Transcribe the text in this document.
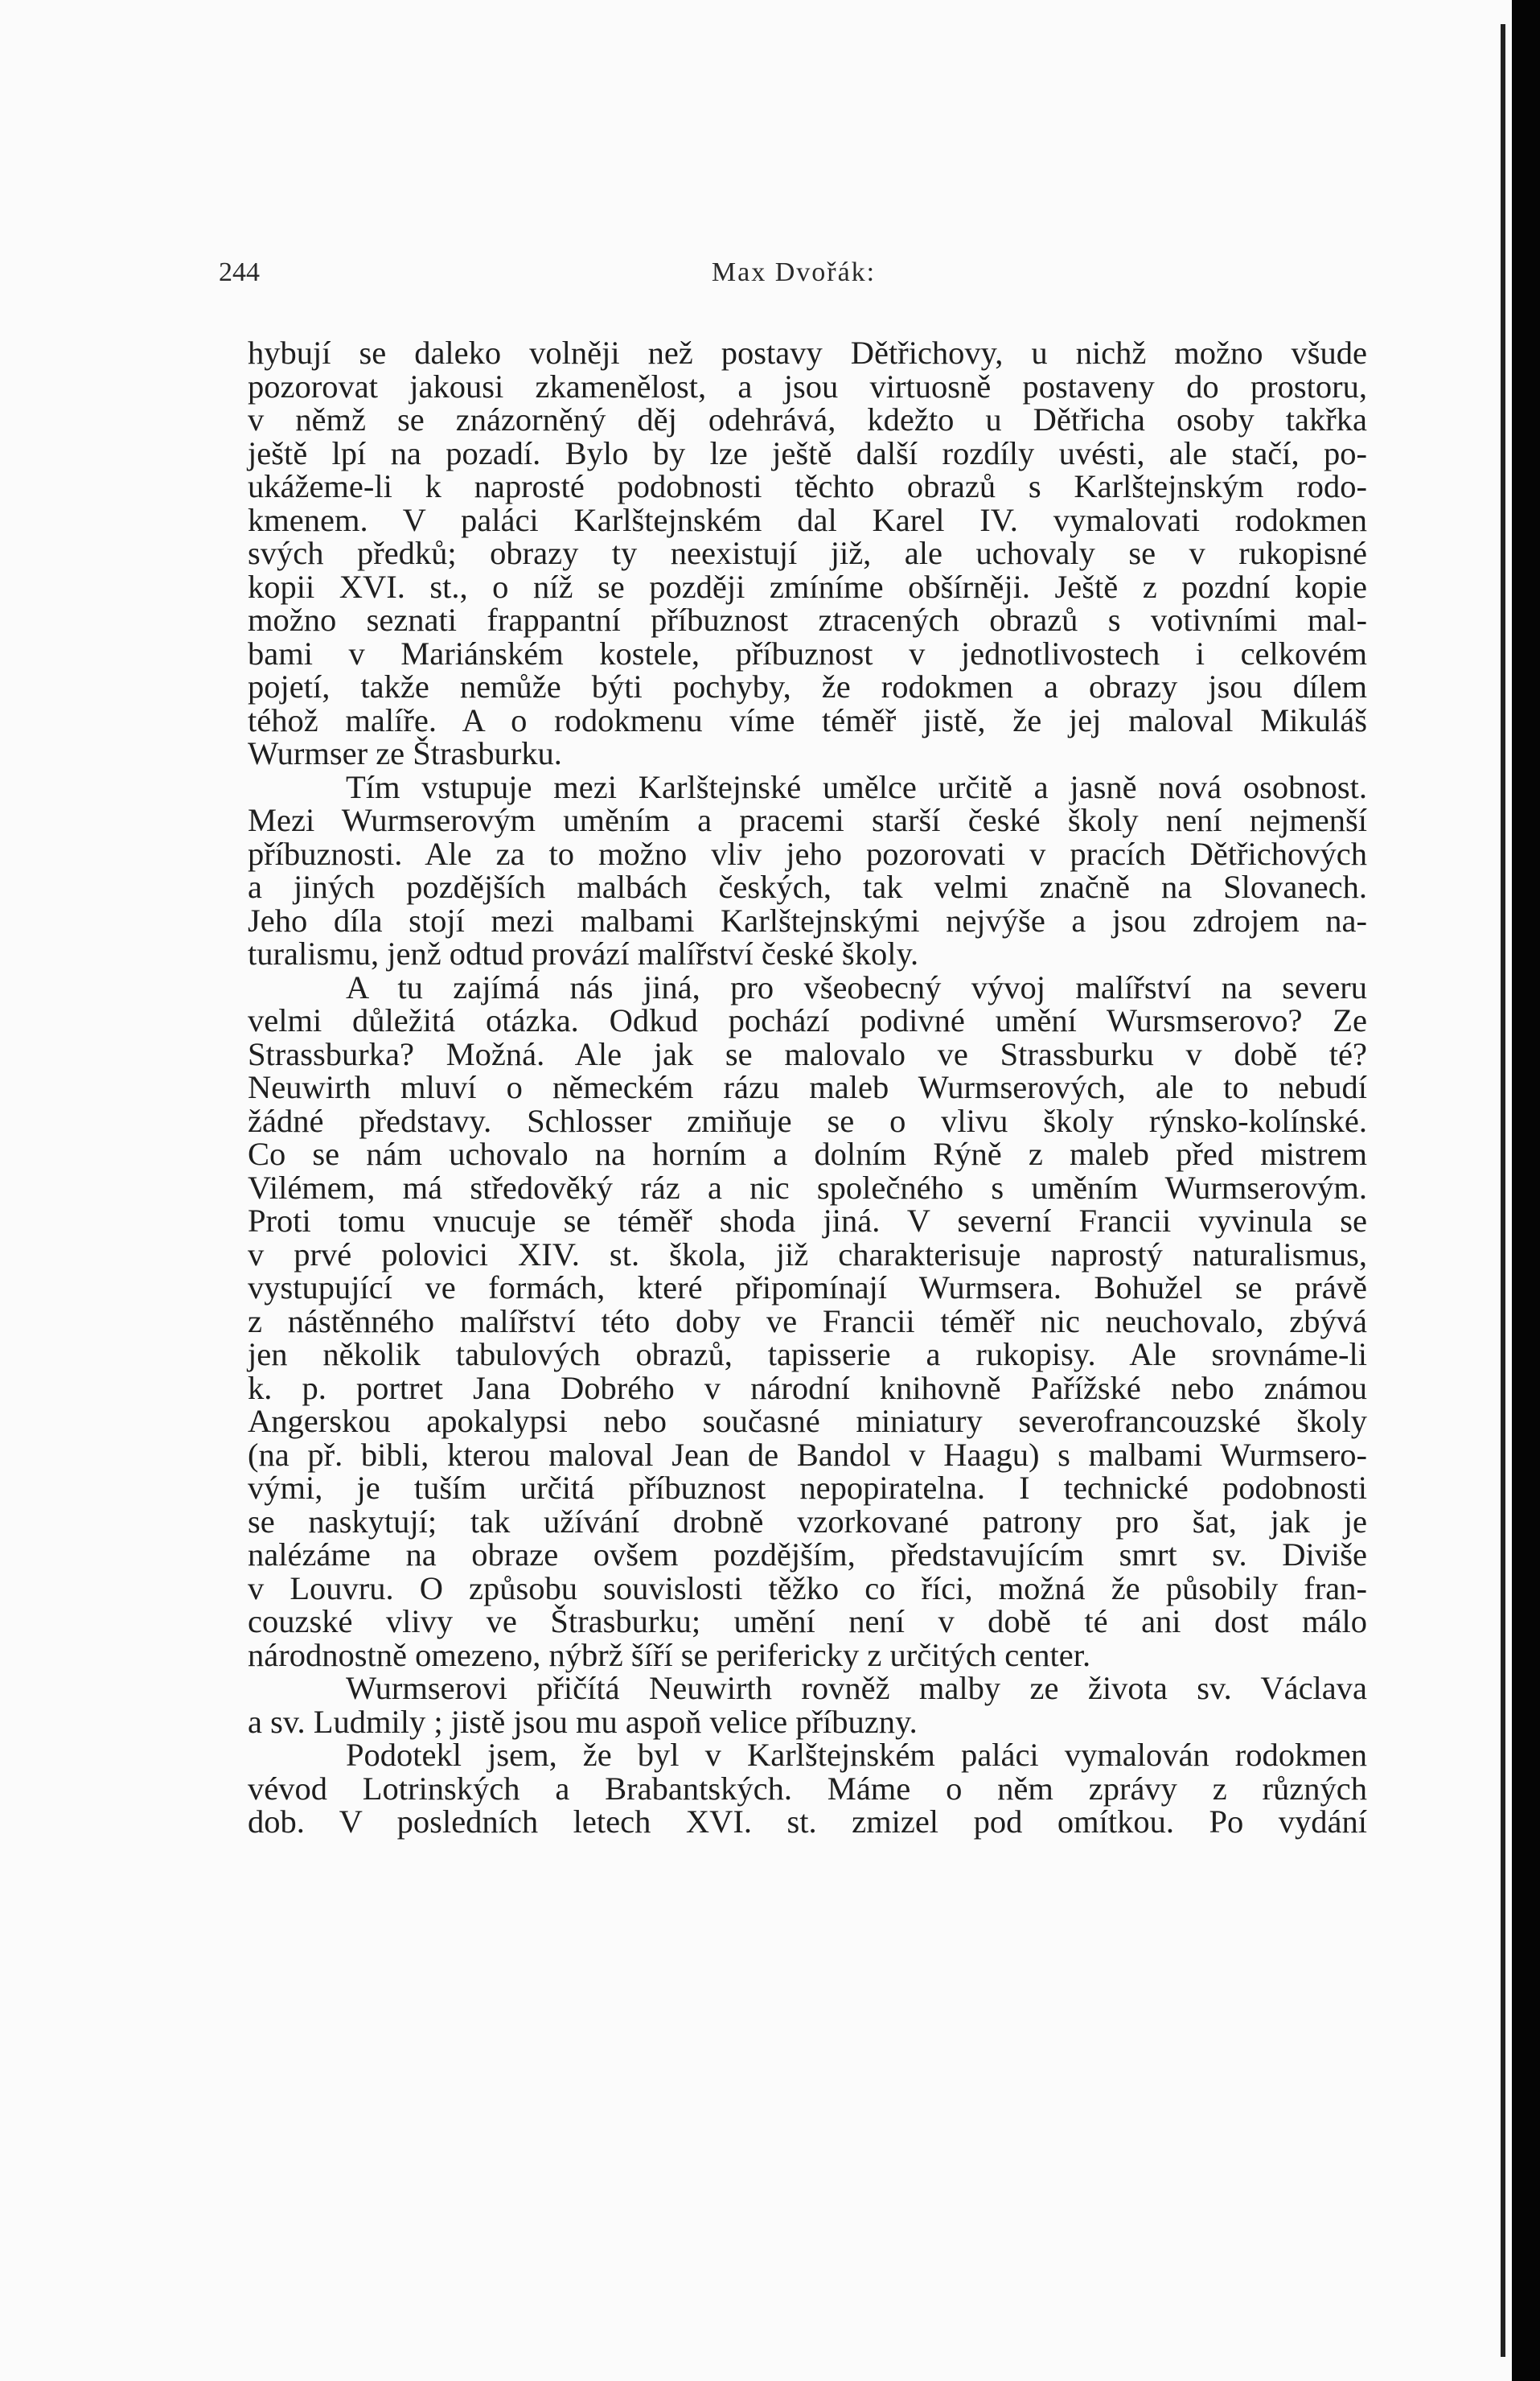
244	Max Dvořák:
hybují se daleko volněji než postavy Dětřichovy, u nichž možno všude
pozorovat jakousi zkamenělost, a jsou virtuosně postaveny do prostoru,
v němž se znázorněný děj odehrává, kdežto u Dětřicha osoby takřka
ještě lpí na pozadí. Bylo by lze ještě další rozdíly uvésti, ale stačí, po-
ukážeme-li k naprosté podobnosti těchto obrazů s Karlštejnským rodo-
kmenem. V paláci Karlštejnském dal Karel IV. vymalovati rodokmen
svých předků; obrazy ty neexistují již, ale uchovaly se v rukopisné
kopii XVI. st., o níž se později zmíníme obšírněji. Ještě z pozdní kopie
možno seznati frappantní příbuznost ztracených obrazů s votivními mal-
bami v Mariánském kostele, příbuznost v jednotlivostech i celkovém
pojetí, takže nemůže býti pochyby, že rodokmen a obrazy jsou dílem
téhož malíře. A o rodokmenu víme téměř jistě, že jej maloval Mikuláš
Wurmser ze Štrasburku.
Tím vstupuje mezi Karlštejnské umělce určitě a jasně nová osobnost.
Mezi Wurmserovým uměním a pracemi starší české školy není nejmenší
příbuznosti. Ale za to možno vliv jeho pozorovati v pracích Dětřichových
a jiných pozdějších malbách českých, tak velmi značně na Slovanech.
Jeho díla stojí mezi malbami Karlštejnskými nejvýše a jsou zdrojem na-
turalismu, jenž odtud provází malířství české školy.
A tu zajímá nás jiná, pro všeobecný vývoj malířství na severu
velmi důležitá otázka. Odkud pochází podivné umění Wursmserovo? Ze
Strassburka? Možná. Ale jak se malovalo ve Strassburku v době té?
Neuwirth mluví o německém rázu maleb Wurmserových, ale to nebudí
žádné představy. Schlosser zmiňuje se o vlivu školy rýnsko-kolínské.
Co se nám uchovalo na horním a dolním Rýně z maleb před mistrem
Vilémem, má středověký ráz a nic společného s uměním Wurmserovým.
Proti tomu vnucuje se téměř shoda jiná. V severní Francii vyvinula se
v prvé polovici XIV. st. škola, již charakterisuje naprostý naturalismus,
vystupující ve formách, které připomínají Wurmsera. Bohužel se právě
z nástěnného malířství této doby ve Francii téměř nic neuchovalo, zbývá
jen několik tabulových obrazů, tapisserie a rukopisy. Ale srovnáme-li
k. p. portret Jana Dobrého v národní knihovně Pařížské nebo známou
Angerskou apokalypsi nebo současné miniatury severofrancouzské školy
(na př. bibli, kterou maloval Jean de Bandol v Haagu) s malbami Wurmsero-
vými, je tuším určitá příbuznost nepopiratelna. I technické podobnosti
se naskytují; tak užívání drobně vzorkované patrony pro šat, jak je
nalézáme na obraze ovšem pozdějším, představujícím smrt sv. Diviše
v Louvru. O způsobu souvislosti těžko co říci, možná že působily fran-
couzské vlivy ve Štrasburku; umění není v době té ani dost málo
národnostně omezeno, nýbrž šíří se perifericky z určitých center.
Wurmserovi přičítá Neuwirth rovněž malby ze života sv. Václava
a sv. Ludmily ; jistě jsou mu aspoň velice příbuzny.
Podotekl jsem, že byl v Karlštejnském paláci vymalován rodokmen
vévod Lotrinských a Brabantských. Máme o něm zprávy z různých
dob. V posledních letech XVI. st. zmizel pod omítkou. Po vydání
